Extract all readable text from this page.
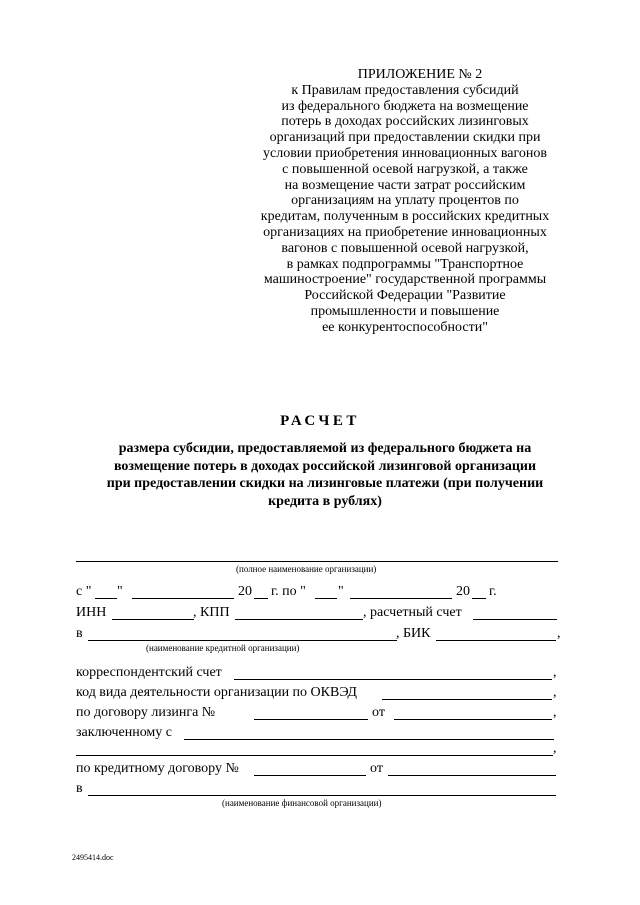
ПРИЛОЖЕНИЕ № 2
к Правилам предоставления субсидий
из федерального бюджета на возмещение
потерь в доходах российских лизинговых
организаций при предоставлении скидки при
условии приобретения инновационных вагонов
с повышенной осевой нагрузкой, а также
на возмещение части затрат российским
организациям на уплату процентов по
кредитам, полученным в российских кредитных
организациях на приобретение инновационных
вагонов с повышенной осевой нагрузкой,
в рамках подпрограммы "Транспортное
машиностроение" государственной программы
Российской Федерации "Развитие
промышленности и повышение
ее конкурентоспособности"
РАСЧЕТ
размера субсидии, предоставляемой из федерального бюджета на
возмещение потерь в доходах российской лизинговой организации
при предоставлении скидки на лизинговые платежи (при получении
кредита в рублях)
(полное наименование организации)
с " "	20 г. по " "	20 г.
ИНН	, КПП	, расчетный счет
в	, БИК	,
(наименование кредитной организации)
корреспондентский счет	,
код вида деятельности организации по ОКВЭД	,
по договору лизинга №	от	,
заключенному с
,
по кредитному договору №	от
в
(наименование финансовой организации)
2495414.doc
